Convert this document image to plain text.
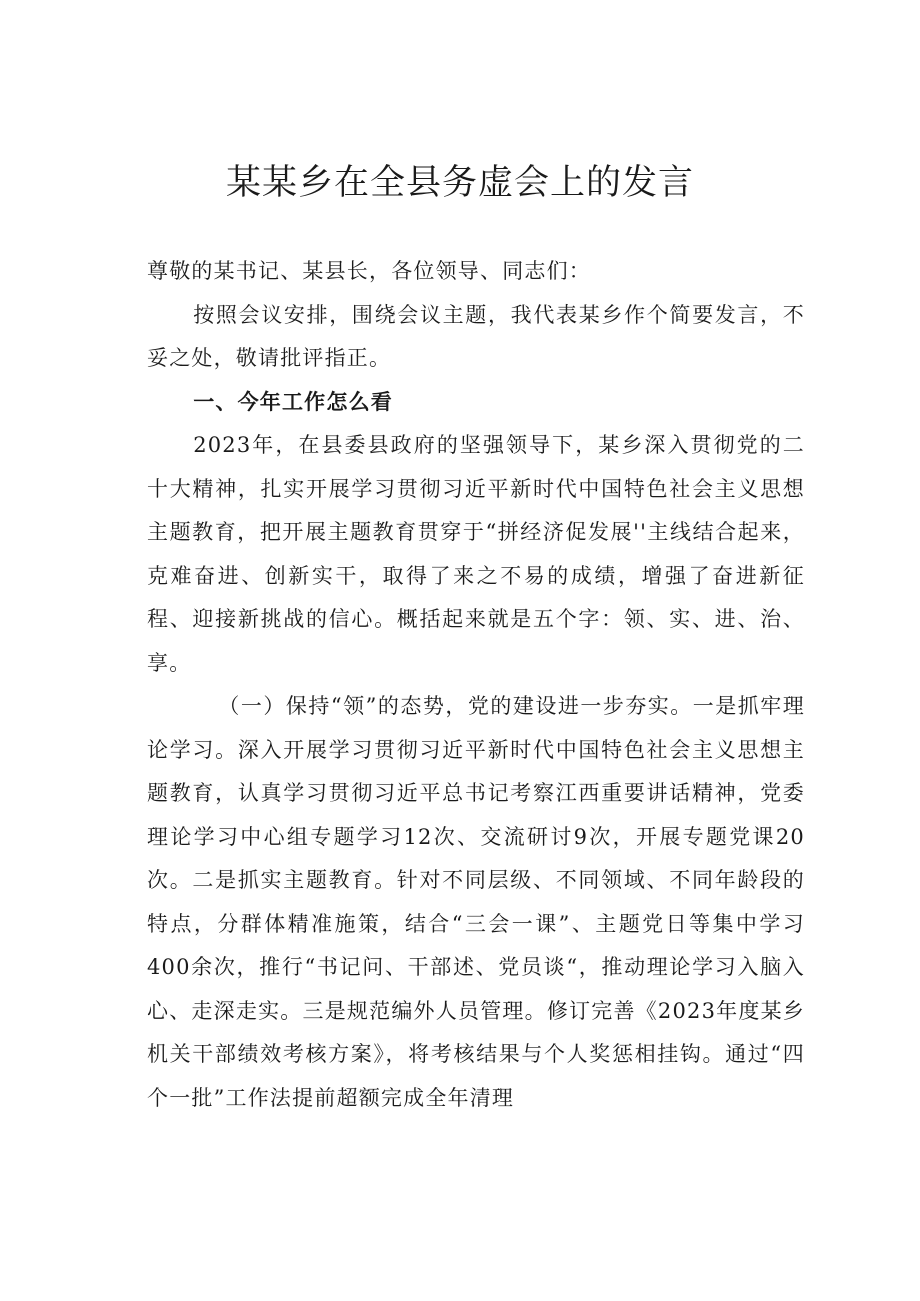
某某乡在全县务虚会上的发言

尊敬的某书记、某县长，各位领导、同志们：

按照会议安排，围绕会议主题，我代表某乡作个简要发言，不妥之处，敬请批评指正。

一、今年工作怎么看

2023年，在县委县政府的坚强领导下，某乡深入贯彻党的二十大精神，扎实开展学习贯彻习近平新时代中国特色社会主义思想主题教育，把开展主题教育贯穿于“拼经济促发展''主线结合起来，克难奋进、创新实干，取得了来之不易的成绩，增强了奋进新征程、迎接新挑战的信心。概括起来就是五个字：领、实、进、治、享。

（一）保持“领”的态势，党的建设进一步夯实。一是抓牢理论学习。深入开展学习贯彻习近平新时代中国特色社会主义思想主题教育，认真学习贯彻习近平总书记考察江西重要讲话精神，党委理论学习中心组专题学习12次、交流研讨9次，开展专题党课20次。二是抓实主题教育。针对不同层级、不同领域、不同年龄段的特点，分群体精准施策，结合“三会一课”、主题党日等集中学习400余次，推行“书记问、干部述、党员谈“，推动理论学习入脑入心、走深走实。三是规范编外人员管理。修订完善《2023年度某乡机关干部绩效考核方案》，将考核结果与个人奖惩相挂钩。通过“四个一批”工作法提前超额完成全年清理
